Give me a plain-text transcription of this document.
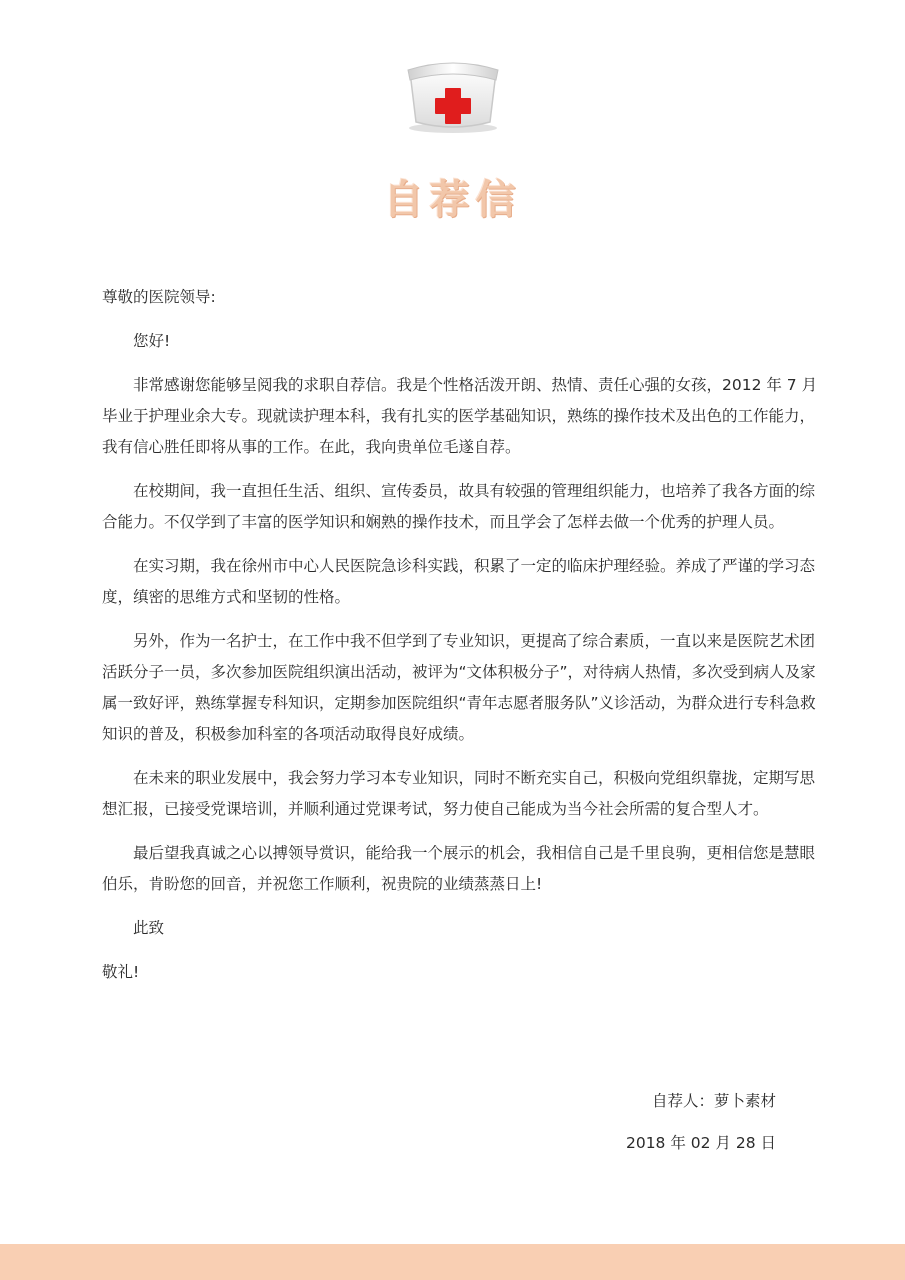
自荐信

尊敬的医院领导:

您好!

非常感谢您能够呈阅我的求职自荐信。我是个性格活泼开朗、热情、责任心强的女孩，2012 年 7 月毕业于护理业余大专。现就读护理本科，我有扎实的医学基础知识，熟练的操作技术及出色的工作能力，我有信心胜任即将从事的工作。在此，我向贵单位毛遂自荐。

在校期间，我一直担任生活、组织、宣传委员，故具有较强的管理组织能力，也培养了我各方面的综合能力。不仅学到了丰富的医学知识和娴熟的操作技术，而且学会了怎样去做一个优秀的护理人员。

在实习期，我在徐州市中心人民医院急诊科实践，积累了一定的临床护理经验。养成了严谨的学习态度，缜密的思维方式和坚韧的性格。

另外，作为一名护士，在工作中我不但学到了专业知识，更提高了综合素质，一直以来是医院艺术团活跃分子一员，多次参加医院组织演出活动，被评为“文体积极分子”，对待病人热情，多次受到病人及家属一致好评，熟练掌握专科知识，定期参加医院组织“青年志愿者服务队”义诊活动，为群众进行专科急救知识的普及，积极参加科室的各项活动取得良好成绩。

在未来的职业发展中，我会努力学习本专业知识，同时不断充实自己，积极向党组织靠拢，定期写思想汇报，已接受党课培训，并顺利通过党课考试，努力使自己能成为当今社会所需的复合型人才。

最后望我真诚之心以搏领导赏识，能给我一个展示的机会，我相信自己是千里良驹，更相信您是慧眼伯乐，肯盼您的回音，并祝您工作顺利，祝贵院的业绩蒸蒸日上!

此致

敬礼!

自荐人：萝卜素材
2018 年 02 月 28 日
